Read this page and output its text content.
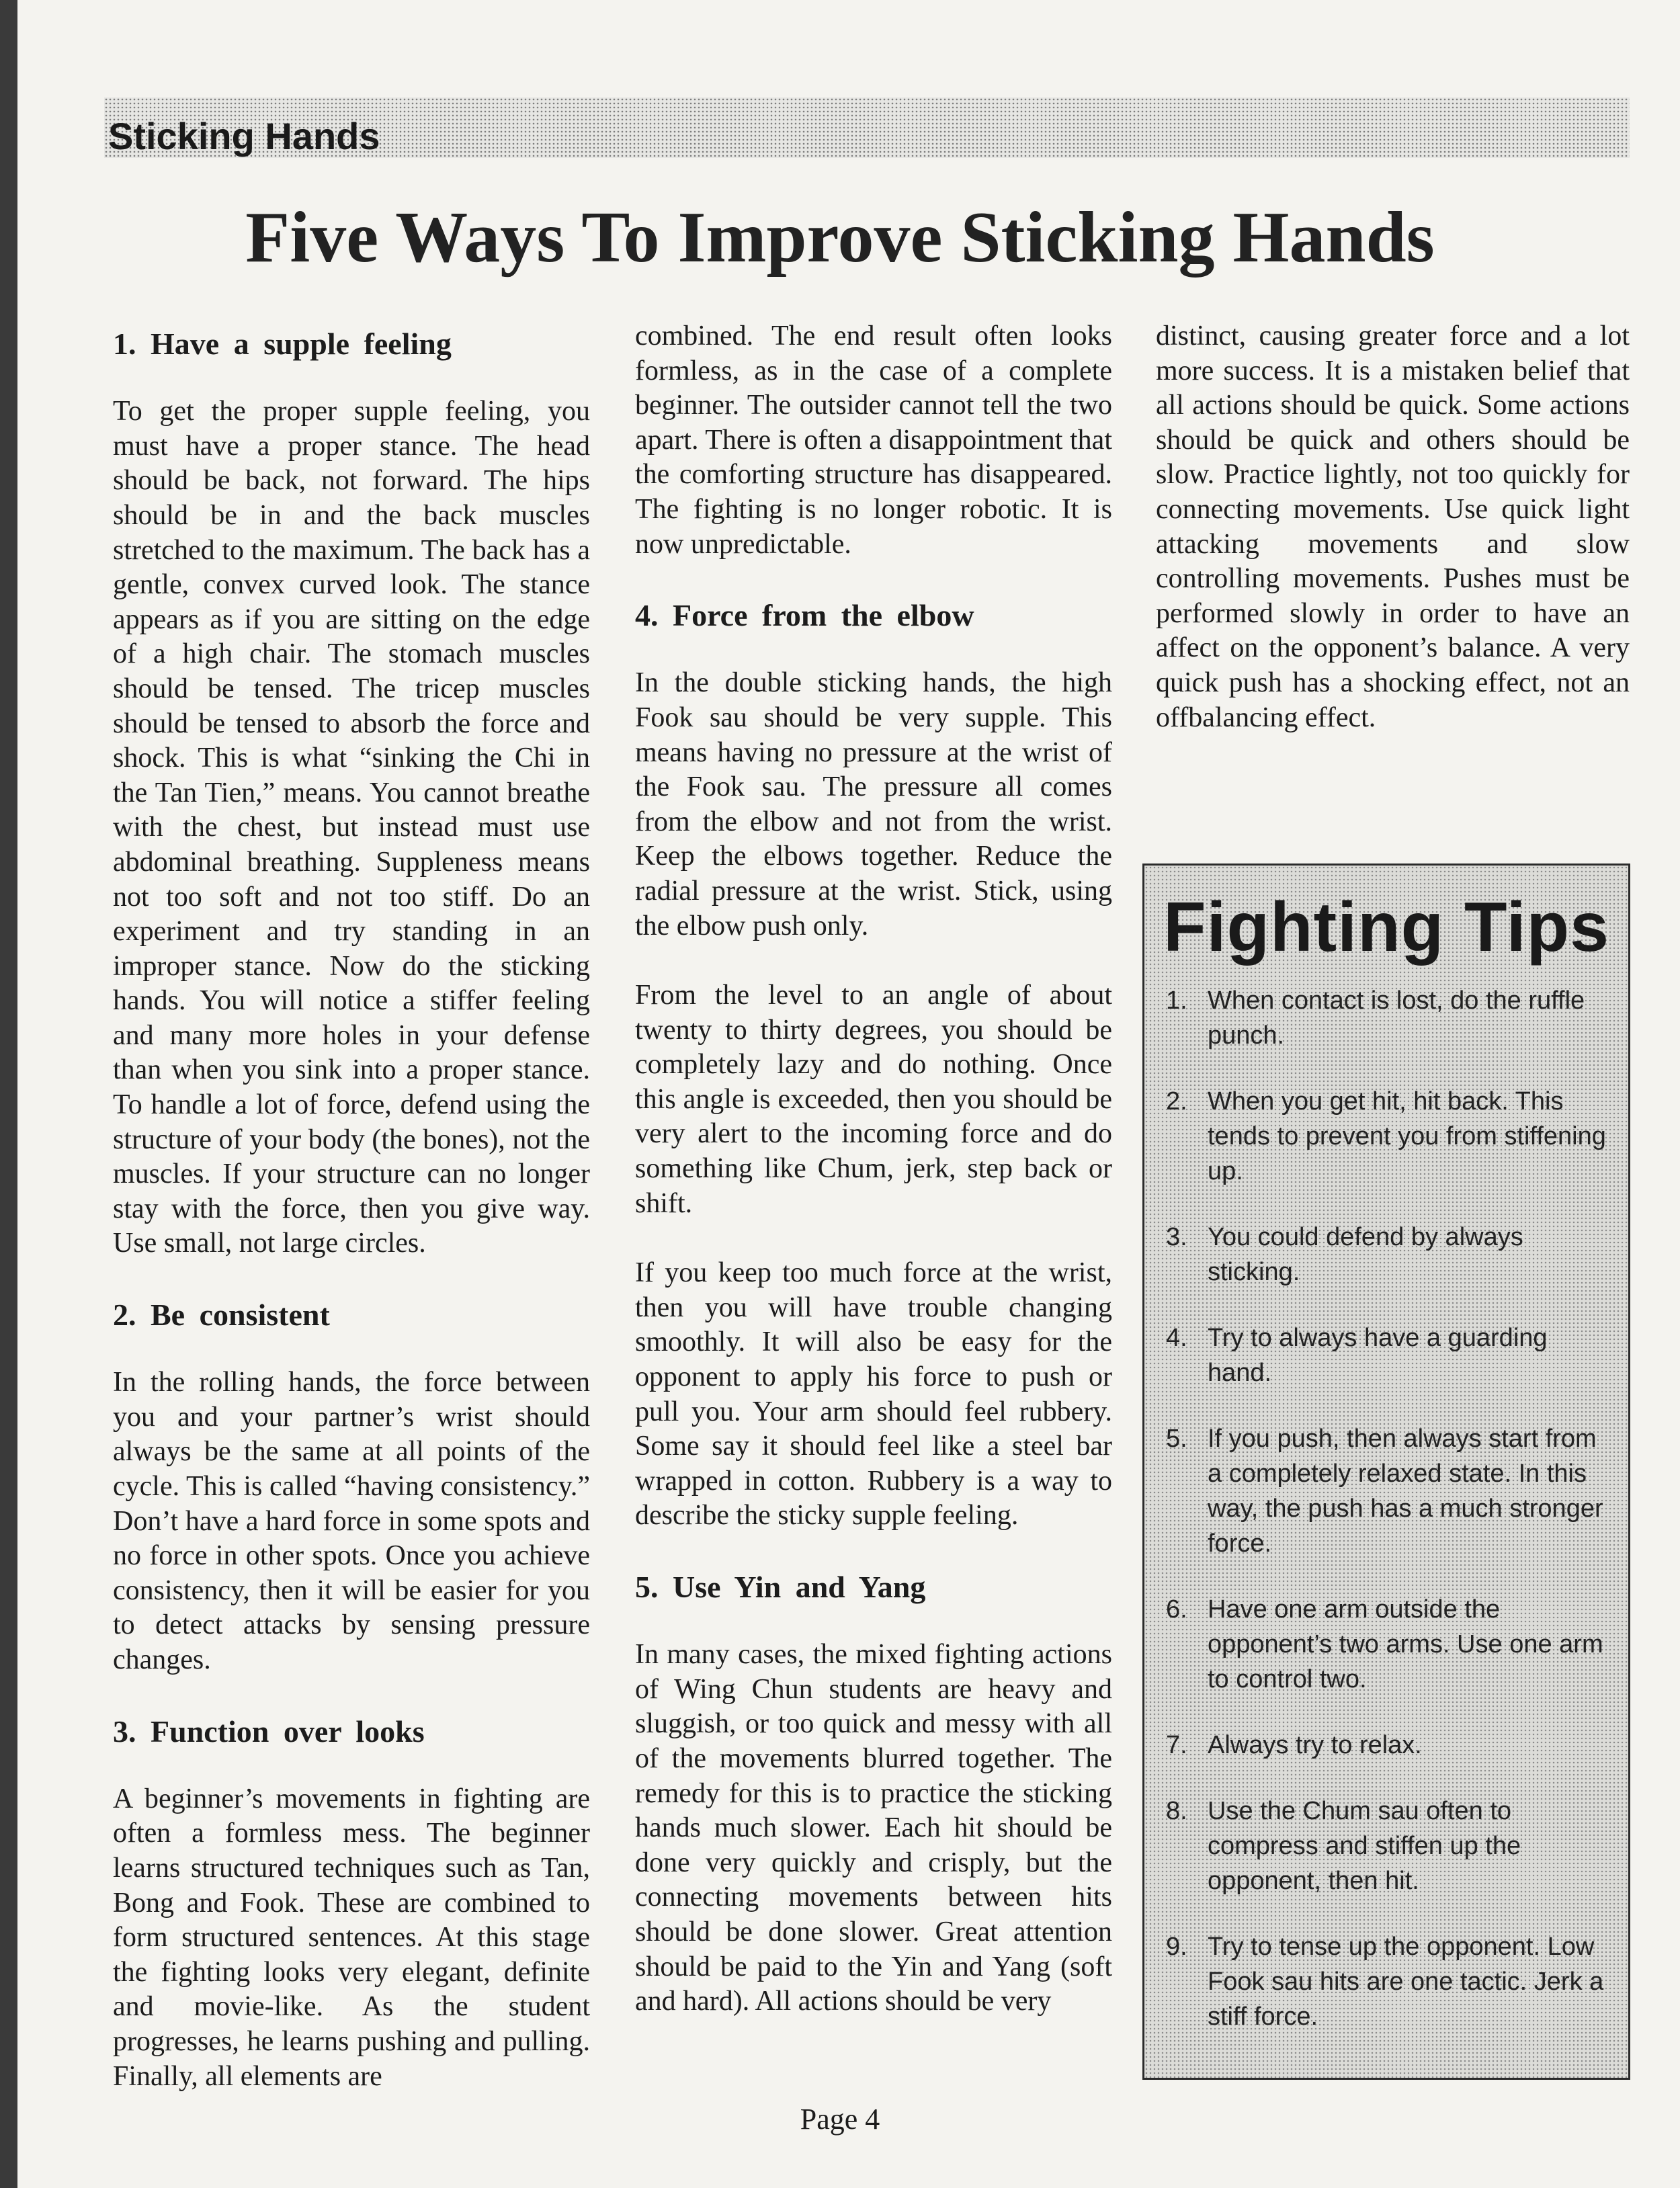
Sticking Hands
Five Ways To Improve Sticking Hands
1. Have a supple feeling

To get the proper supple feeling, you must have a proper stance. The head should be back, not forward. The hips should be in and the back muscles stretched to the maximum. The back has a gentle, convex curved look. The stance appears as if you are sitting on the edge of a high chair. The stomach muscles should be tensed. The tricep muscles should be tensed to absorb the force and shock. This is what “sinking the Chi in the Tan Tien,” means. You cannot breathe with the chest, but instead must use abdominal breathing. Suppleness means not too soft and not too stiff. Do an experiment and try standing in an improper stance. Now do the sticking hands. You will notice a stiffer feeling and many more holes in your defense than when you sink into a proper stance. To handle a lot of force, defend using the structure of your body (the bones), not the muscles. If your structure can no longer stay with the force, then you give way. Use small, not large circles.

2. Be consistent

In the rolling hands, the force between you and your partner’s wrist should always be the same at all points of the cycle. This is called “having consistency.” Don’t have a hard force in some spots and no force in other spots. Once you achieve consistency, then it will be easier for you to detect attacks by sensing pressure changes.

3. Function over looks

A beginner’s movements in fighting are often a formless mess. The beginner learns structured techniques such as Tan, Bong and Fook. These are combined to form structured sentences. At this stage the fighting looks very elegant, definite and movie-like. As the student progresses, he learns pushing and pulling. Finally, all elements are

combined. The end result often looks formless, as in the case of a complete beginner. The outsider cannot tell the two apart. There is often a disappointment that the comforting structure has disappeared. The fighting is no longer robotic. It is now unpredictable.

4. Force from the elbow

In the double sticking hands, the high Fook sau should be very supple. This means having no pressure at the wrist of the Fook sau. The pressure all comes from the elbow and not from the wrist. Keep the elbows together. Reduce the radial pressure at the wrist. Stick, using the elbow push only.

From the level to an angle of about twenty to thirty degrees, you should be completely lazy and do nothing. Once this angle is exceeded, then you should be very alert to the incoming force and do something like Chum, jerk, step back or shift.

If you keep too much force at the wrist, then you will have trouble changing smoothly. It will also be easy for the opponent to apply his force to push or pull you. Your arm should feel rubbery. Some say it should feel like a steel bar wrapped in cotton. Rubbery is a way to describe the sticky supple feeling.

5. Use Yin and Yang

In many cases, the mixed fighting actions of Wing Chun students are heavy and sluggish, or too quick and messy with all of the movements blurred together. The remedy for this is to practice the sticking hands much slower. Each hit should be done very quickly and crisply, but the connecting movements between hits should be done slower. Great attention should be paid to the Yin and Yang (soft and hard). All actions should be very

distinct, causing greater force and a lot more success. It is a mistaken belief that all actions should be quick. Some actions should be quick and others should be slow. Practice lightly, not too quickly for connecting movements. Use quick light attacking movements and slow controlling movements. Pushes must be performed slowly in order to have an affect on the opponent’s balance. A very quick push has a shocking effect, not an offbalancing effect.

Fighting Tips
1. When contact is lost, do the ruffle punch.
2. When you get hit, hit back. This tends to prevent you from stiffening up.
3. You could defend by always sticking.
4. Try to always have a guarding hand.
5. If you push, then always start from a completely relaxed state. In this way, the push has a much stronger force.
6. Have one arm outside the opponent’s two arms. Use one arm to control two.
7. Always try to relax.
8. Use the Chum sau often to compress and stiffen up the opponent, then hit.
9. Try to tense up the opponent. Low Fook sau hits are one tactic. Jerk a stiff force.
Page 4
